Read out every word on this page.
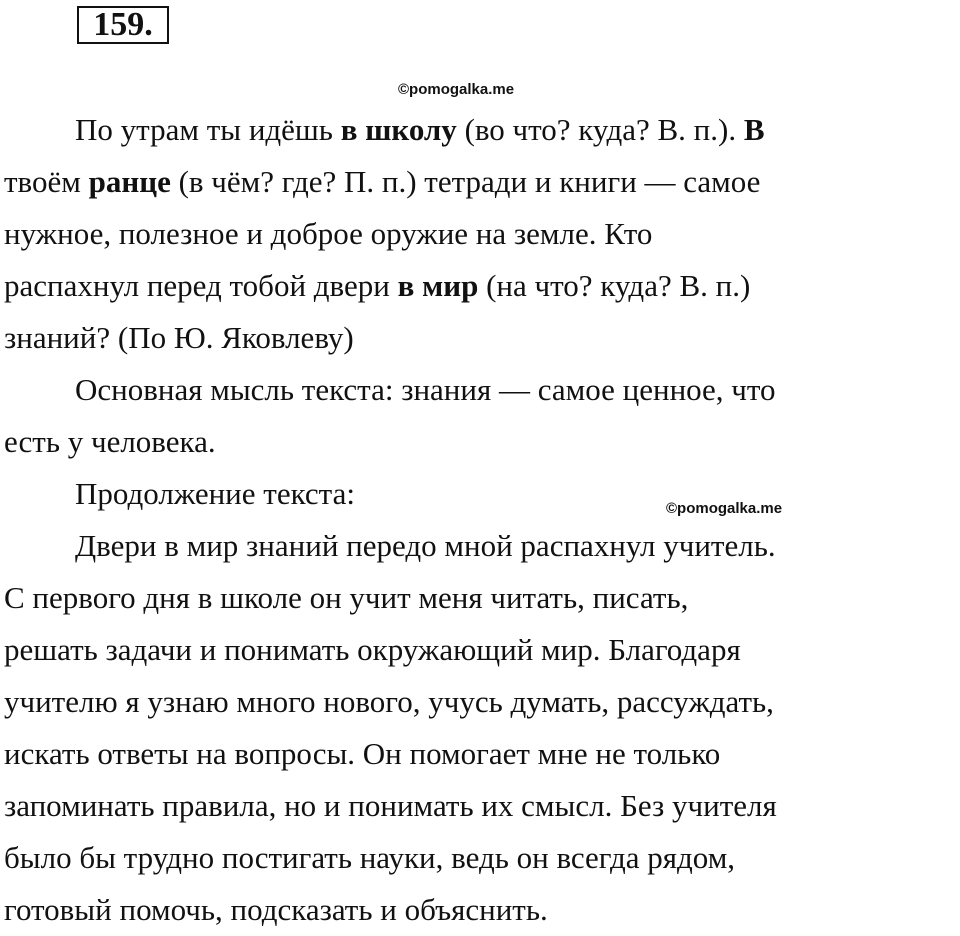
159.
©pomogalka.me
©pomogalka.me
По утрам ты идёшь в школу (во что? куда? В. п.). В
твоём ранце (в чём? где? П. п.) тетради и книги — самое
нужное, полезное и доброе оружие на земле. Кто
распахнул перед тобой двери в мир (на что? куда? В. п.)
знаний? (По Ю. Яковлеву)
Основная мысль текста: знания — самое ценное, что
есть у человека.
Продолжение текста:
Двери в мир знаний передо мной распахнул учитель.
С первого дня в школе он учит меня читать, писать,
решать задачи и понимать окружающий мир. Благодаря
учителю я узнаю много нового, учусь думать, рассуждать,
искать ответы на вопросы. Он помогает мне не только
запоминать правила, но и понимать их смысл. Без учителя
было бы трудно постигать науки, ведь он всегда рядом,
готовый помочь, подсказать и объяснить.
